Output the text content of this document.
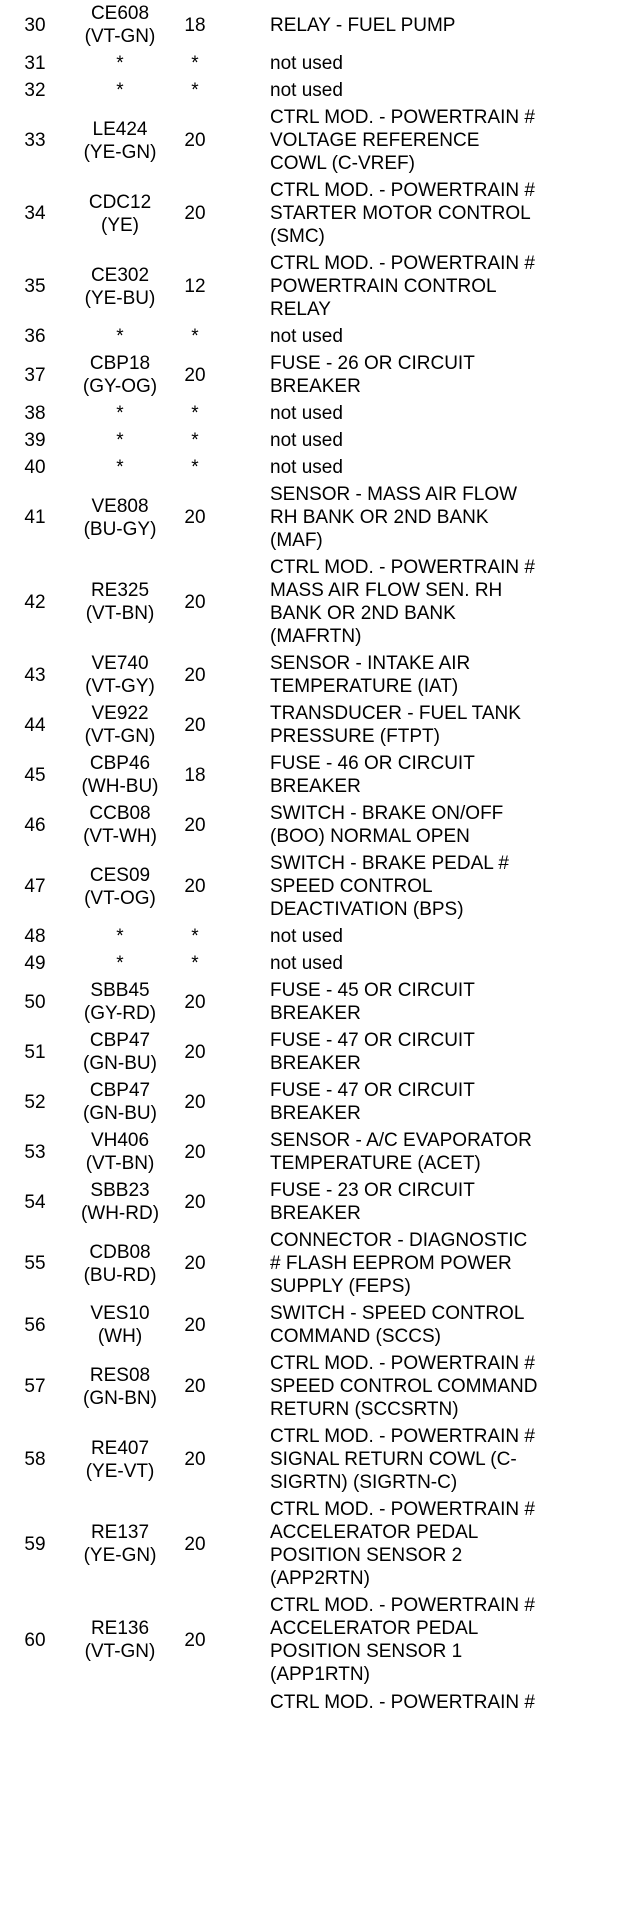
30	CE608
(VT-GN)	18	RELAY - FUEL PUMP
31	*	*	not used
32	*	*	not used
33	LE424
(YE-GN)	20	CTRL MOD. - POWERTRAIN #
VOLTAGE REFERENCE
COWL (C-VREF)
34	CDC12
(YE)	20	CTRL MOD. - POWERTRAIN #
STARTER MOTOR CONTROL
(SMC)
35	CE302
(YE-BU)	12	CTRL MOD. - POWERTRAIN #
POWERTRAIN CONTROL
RELAY
36	*	*	not used
37	CBP18
(GY-OG)	20	FUSE - 26 OR CIRCUIT
BREAKER
38	*	*	not used
39	*	*	not used
40	*	*	not used
41	VE808
(BU-GY)	20	SENSOR - MASS AIR FLOW
RH BANK OR 2ND BANK
(MAF)
42	RE325
(VT-BN)	20	CTRL MOD. - POWERTRAIN #
MASS AIR FLOW SEN. RH
BANK OR 2ND BANK
(MAFRTN)
43	VE740
(VT-GY)	20	SENSOR - INTAKE AIR
TEMPERATURE (IAT)
44	VE922
(VT-GN)	20	TRANSDUCER - FUEL TANK
PRESSURE (FTPT)
45	CBP46
(WH-BU)	18	FUSE - 46 OR CIRCUIT
BREAKER
46	CCB08
(VT-WH)	20	SWITCH - BRAKE ON/OFF
(BOO) NORMAL OPEN
47	CES09
(VT-OG)	20	SWITCH - BRAKE PEDAL #
SPEED CONTROL
DEACTIVATION (BPS)
48	*	*	not used
49	*	*	not used
50	SBB45
(GY-RD)	20	FUSE - 45 OR CIRCUIT
BREAKER
51	CBP47
(GN-BU)	20	FUSE - 47 OR CIRCUIT
BREAKER
52	CBP47
(GN-BU)	20	FUSE - 47 OR CIRCUIT
BREAKER
53	VH406
(VT-BN)	20	SENSOR - A/C EVAPORATOR
TEMPERATURE (ACET)
54	SBB23
(WH-RD)	20	FUSE - 23 OR CIRCUIT
BREAKER
55	CDB08
(BU-RD)	20	CONNECTOR - DIAGNOSTIC
# FLASH EEPROM POWER
SUPPLY (FEPS)
56	VES10
(WH)	20	SWITCH - SPEED CONTROL
COMMAND (SCCS)
57	RES08
(GN-BN)	20	CTRL MOD. - POWERTRAIN #
SPEED CONTROL COMMAND
RETURN (SCCSRTN)
58	RE407
(YE-VT)	20	CTRL MOD. - POWERTRAIN #
SIGNAL RETURN COWL (C-
SIGRTN) (SIGRTN-C)
59	RE137
(YE-GN)	20	CTRL MOD. - POWERTRAIN #
ACCELERATOR PEDAL
POSITION SENSOR 2
(APP2RTN)
60	RE136
(VT-GN)	20	CTRL MOD. - POWERTRAIN #
ACCELERATOR PEDAL
POSITION SENSOR 1
(APP1RTN)

		CTRL MOD. - POWERTRAIN #
